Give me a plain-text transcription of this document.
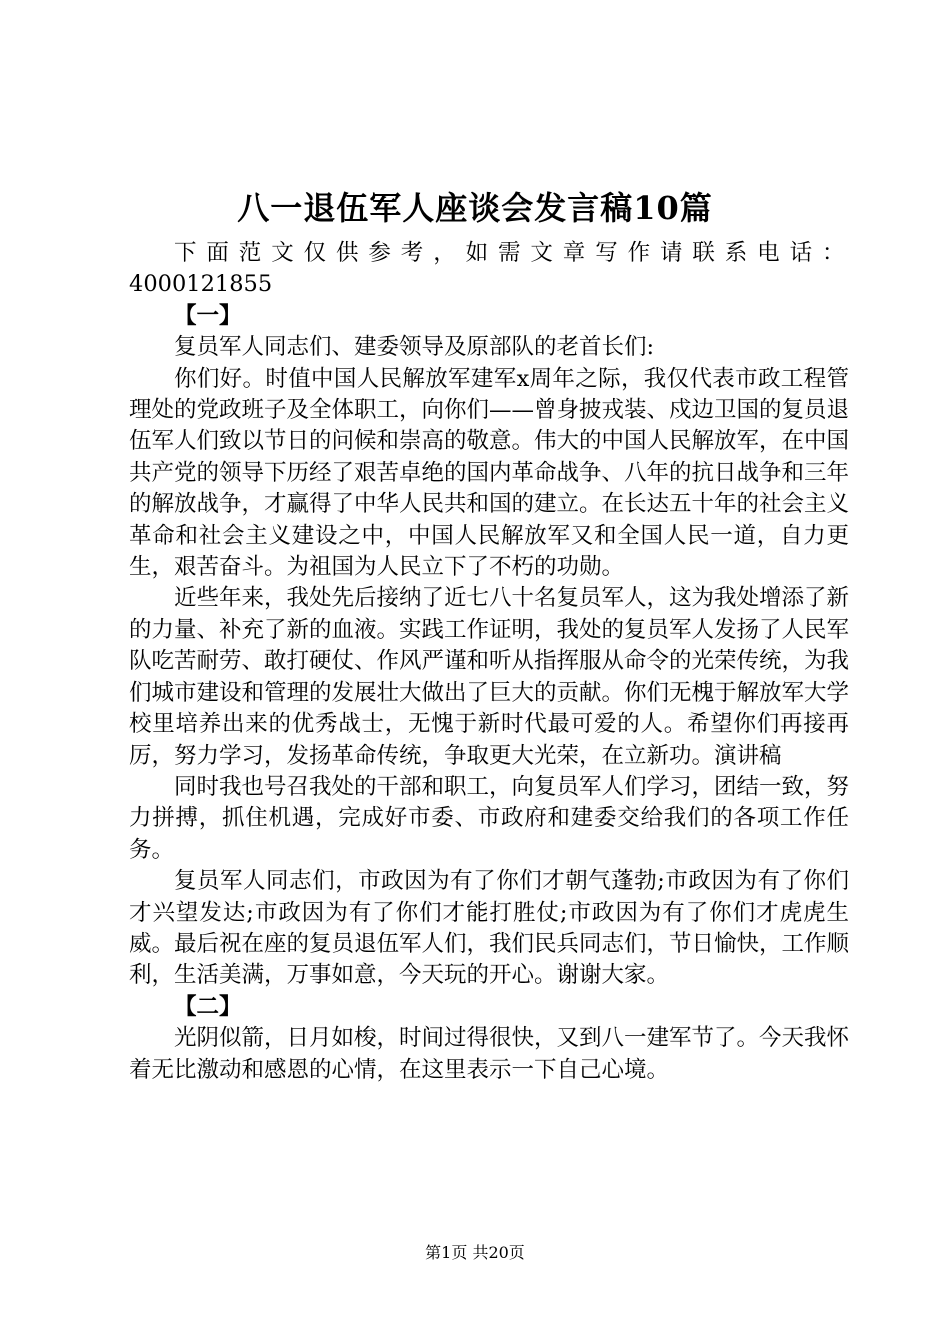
八一退伍军人座谈会发言稿10篇

下面范文仅供参考，如需文章写作请联系电话：4000121855

【一】

复员军人同志们、建委领导及原部队的老首长们:

你们好。时值中国人民解放军建军x周年之际，我仅代表市政工程管理处的党政班子及全体职工，向你们——曾身披戎装、戍边卫国的复员退伍军人们致以节日的问候和崇高的敬意。伟大的中国人民解放军，在中国共产党的领导下历经了艰苦卓绝的国内革命战争、八年的抗日战争和三年的解放战争，才赢得了中华人民共和国的建立。在长达五十年的社会主义革命和社会主义建设之中，中国人民解放军又和全国人民一道，自力更生，艰苦奋斗。为祖国为人民立下了不朽的功勋。

近些年来，我处先后接纳了近七八十名复员军人，这为我处增添了新的力量、补充了新的血液。实践工作证明，我处的复员军人发扬了人民军队吃苦耐劳、敢打硬仗、作风严谨和听从指挥服从命令的光荣传统，为我们城市建设和管理的发展壮大做出了巨大的贡献。你们无槐于解放军大学校里培养出来的优秀战士，无愧于新时代最可爱的人。希望你们再接再厉，努力学习，发扬革命传统，争取更大光荣，在立新功。演讲稿

同时我也号召我处的干部和职工，向复员军人们学习，团结一致，努力拼搏，抓住机遇，完成好市委、市政府和建委交给我们的各项工作任务。

复员军人同志们，市政因为有了你们才朝气蓬勃;市政因为有了你们才兴望发达;市政因为有了你们才能打胜仗;市政因为有了你们才虎虎生威。最后祝在座的复员退伍军人们，我们民兵同志们，节日愉快，工作顺利，生活美满，万事如意，今天玩的开心。谢谢大家。

【二】

光阴似箭，日月如梭，时间过得很快，又到八一建军节了。今天我怀着无比激动和感恩的心情，在这里表示一下自己心境。

第1页 共20页
